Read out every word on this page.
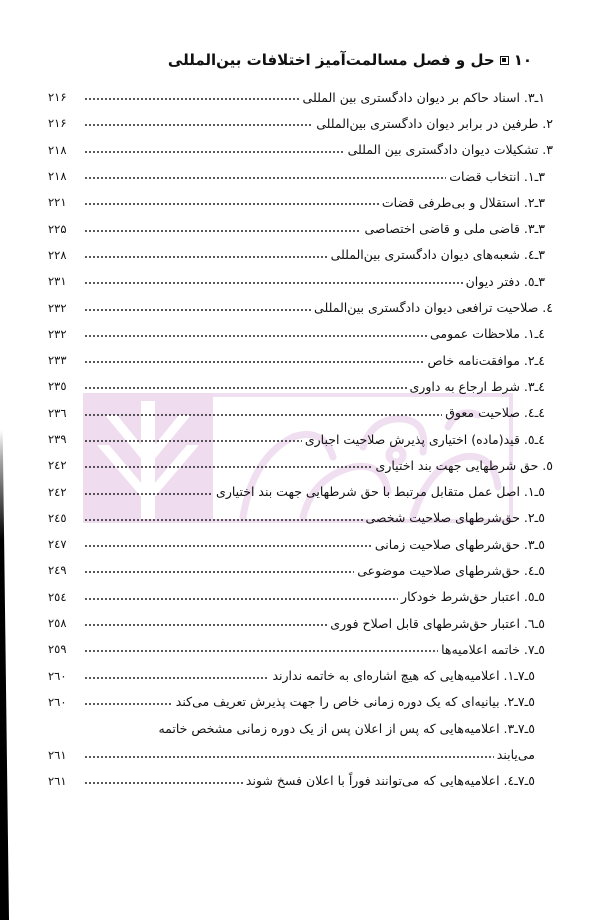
۱۰
حل و فصل مسالمت‌آمیز اختلافات بین‌المللی
۱ـ۳. اسناد حاکم بر دیوان دادگستری بین المللی
۲۱۶
۲. طرفین در برابر دیوان دادگستری بین‌المللی
۲۱۶
۳. تشکیلات دیوان دادگستری بین المللی
۲۱۸
۳ـ۱. انتخاب قضات
۲۱۸
۳ـ۲. استقلال و بی‌طرفی قضات
۲۲۱
۳ـ۳. قاضی ملی و قاضی اختصاصی
۲۲۵
۳ـ٤. شعبه‌های دیوان دادگستری بین‌المللی
۲۲۸
۳ـ٥. دفتر دیوان
۲۳۱
٤. صلاحیت ترافعی دیوان دادگستری بین‌المللی
۲۳۲
٤ـ۱. ملاحظات عمومی
۲۳۲
٤ـ۲. موافقت‌نامه خاص
۲۳۳
٤ـ۳. شرط ارجاع به داوری
۲۳٥
٤ـ٤. صلاحیت معوق
۲۳٦
٤ـ٥. قید(ماده) اختیاری پذیرش صلاحیت اجباری
۲۳۹
٥. حق شرطهایی جهت بند اختیاری
۲٤۲
٥ـ۱. اصل عمل متقابل مرتبط با حق شرطهایی جهت بند اختیاری
۲٤۲
٥ـ۲. حق‌شرطهای صلاحیت شخصی
۲٤٥
٥ـ۳. حق‌شرطهای صلاحیت زمانی
۲٤۷
٥ـ٤. حق‌شرطهای صلاحیت موضوعی
۲٤۹
٥ـ٥. اعتبار حق‌شرط خودکار
۲٥٤
٥ـ٦. اعتبار حق‌شرطهای قابل اصلاح فوری
۲٥۸
٥ـ۷. خاتمه اعلامیه‌ها
۲٥۹
٥ـ۷ـ۱. اعلامیه‌هایی که هیچ اشاره‌ای به خاتمه ندارند
۲٦۰
٥ـ۷ـ۲. بیانیه‌ای که یک دوره زمانی خاص را جهت پذیرش تعریف می‌کند
۲٦۰
٥ـ۷ـ۳. اعلامیه‌هایی که پس از اعلان پس از یک دوره زمانی مشخص خاتمه
می‌یابند
۲٦۱
٥ـ۷ـ٤. اعلامیه‌هایی که می‌توانند فوراً با اعلان فسخ شوند
۲٦۱
